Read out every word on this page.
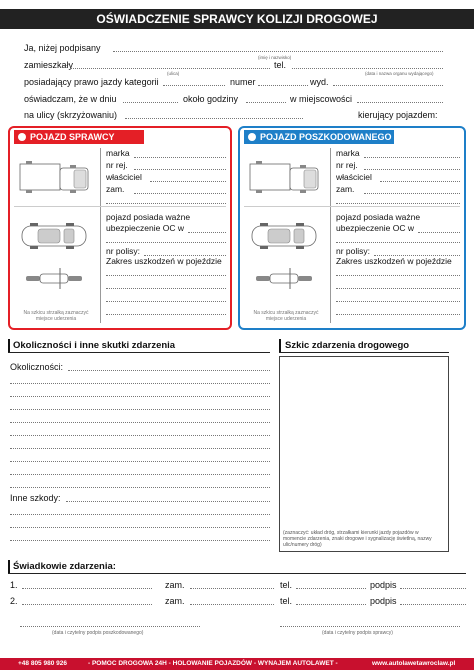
OŚWIADCZENIE SPRAWCY KOLIZJI DROGOWEJ
Ja, niżej podpisany
(imię i nazwisko)
zamieszkały	tel.
(ulica)	(data i nazwa organu wydającego)
posiadający prawo jazdy kategorii	numer	wyd.
oświadczam, że w dniu	około godziny	w miejscowości
na ulicy (skrzyżowaniu)	kierujący pojazdem:
POJAZD SPRAWCY
Na szkicu strzałką zaznaczyć miejsce uderzenia
marka
nr rej.
właściciel
zam.
pojazd posiada ważne
ubezpieczenie OC w
nr polisy:
Zakres uszkodzeń w pojeździe
POJAZD POSZKODOWANEGO
Na szkicu strzałką zaznaczyć miejsce uderzenia
marka
nr rej.
właściciel
zam.
pojazd posiada ważne
ubezpieczenie OC w
nr polisy:
Zakres uszkodzeń w pojeździe
Okoliczności i inne skutki zdarzenia
Okoliczności:
Inne szkody:
Szkic zdarzenia drogowego
(zaznaczyć: układ dróg, strzałkami kierunki jazdy pojazdów w momencie zdarzenia, znaki drogowe i sygnalizację świetlną, nazwy ulic/numery dróg)
Świadkowie zdarzenia:
1.	zam.	tel.	podpis
2.	zam.	tel.	podpis
(data i czytelny podpis poszkodowanego)	(data i czytelny podpis sprawcy)
+48 805 980 926	- POMOC DROGOWA 24H - HOLOWANIE POJAZDÓW - WYNAJEM AUTOLAWET -	www.autolawetawroclaw.pl
